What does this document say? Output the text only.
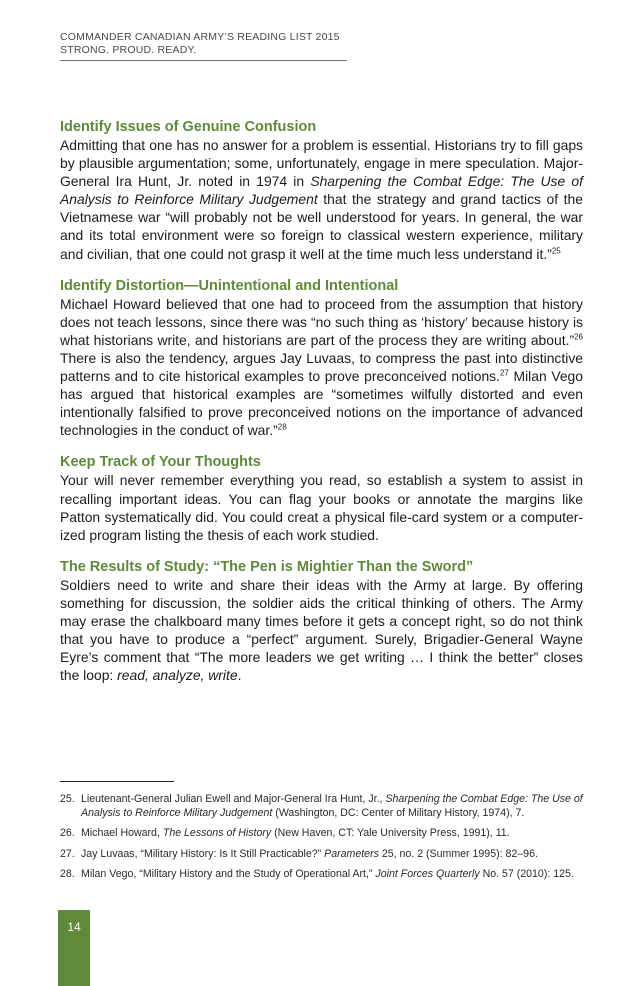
COMMANDER CANADIAN ARMY’S READING LIST 2015
STRONG. PROUD. READY.
Identify Issues of Genuine Confusion

Admitting that one has no answer for a problem is essential. Historians try to fill gaps by plausible argumentation; some, unfortunately, engage in mere speculation. Major-General Ira Hunt, Jr. noted in 1974 in Sharpening the Combat Edge: The Use of Analysis to Reinforce Military Judgement that the strategy and grand tactics of the Vietnamese war “will probably not be well understood for years. In general, the war and its total environment were so foreign to classical western experience, military and civilian, that one could not grasp it well at the time much less understand it.”$^{25}$

Identify Distortion—Unintentional and Intentional

Michael Howard believed that one had to proceed from the assumption that history does not teach lessons, since there was “no such thing as ‘history’ because history is what historians write, and historians are part of the process they are writing about.”$^{26}$ There is also the tendency, argues Jay Luvaas, to compress the past into distinctive patterns and to cite historical examples to prove preconceived notions.$^{27}$ Milan Vego has argued that historical examples are “sometimes wilfully distorted and even intentionally falsified to prove preconceived notions on the importance of advanced technologies in the conduct of war.”$^{28}$

Keep Track of Your Thoughts

Your will never remember everything you read, so establish a system to assist in recalling important ideas. You can flag your books or annotate the margins like Patton systematically did. You could creat a physical file-card system or a computer-ized program listing the thesis of each work studied.

The Results of Study: “The Pen is Mightier Than the Sword”

Soldiers need to write and share their ideas with the Army at large. By offering something for discussion, the soldier aids the critical thinking of others. The Army may erase the chalkboard many times before it gets a concept right, so do not think that you have to produce a “perfect” argument. Surely, Brigadier-General Wayne Eyre’s comment that “The more leaders we get writing … I think the better” closes the loop: read, analyze, write.

25. Lieutenant-General Julian Ewell and Major-General Ira Hunt, Jr., Sharpening the Combat Edge: The Use of Analysis to Reinforce Military Judgement (Washington, DC: Center of Military History, 1974), 7.
26. Michael Howard, The Lessons of History (New Haven, CT: Yale University Press, 1991), 11.
27. Jay Luvaas, “Military History: Is It Still Practicable?” Parameters 25, no. 2 (Summer 1995): 82–96.
28. Milan Vego, “Military History and the Study of Operational Art,” Joint Forces Quarterly No. 57 (2010): 125.
14
